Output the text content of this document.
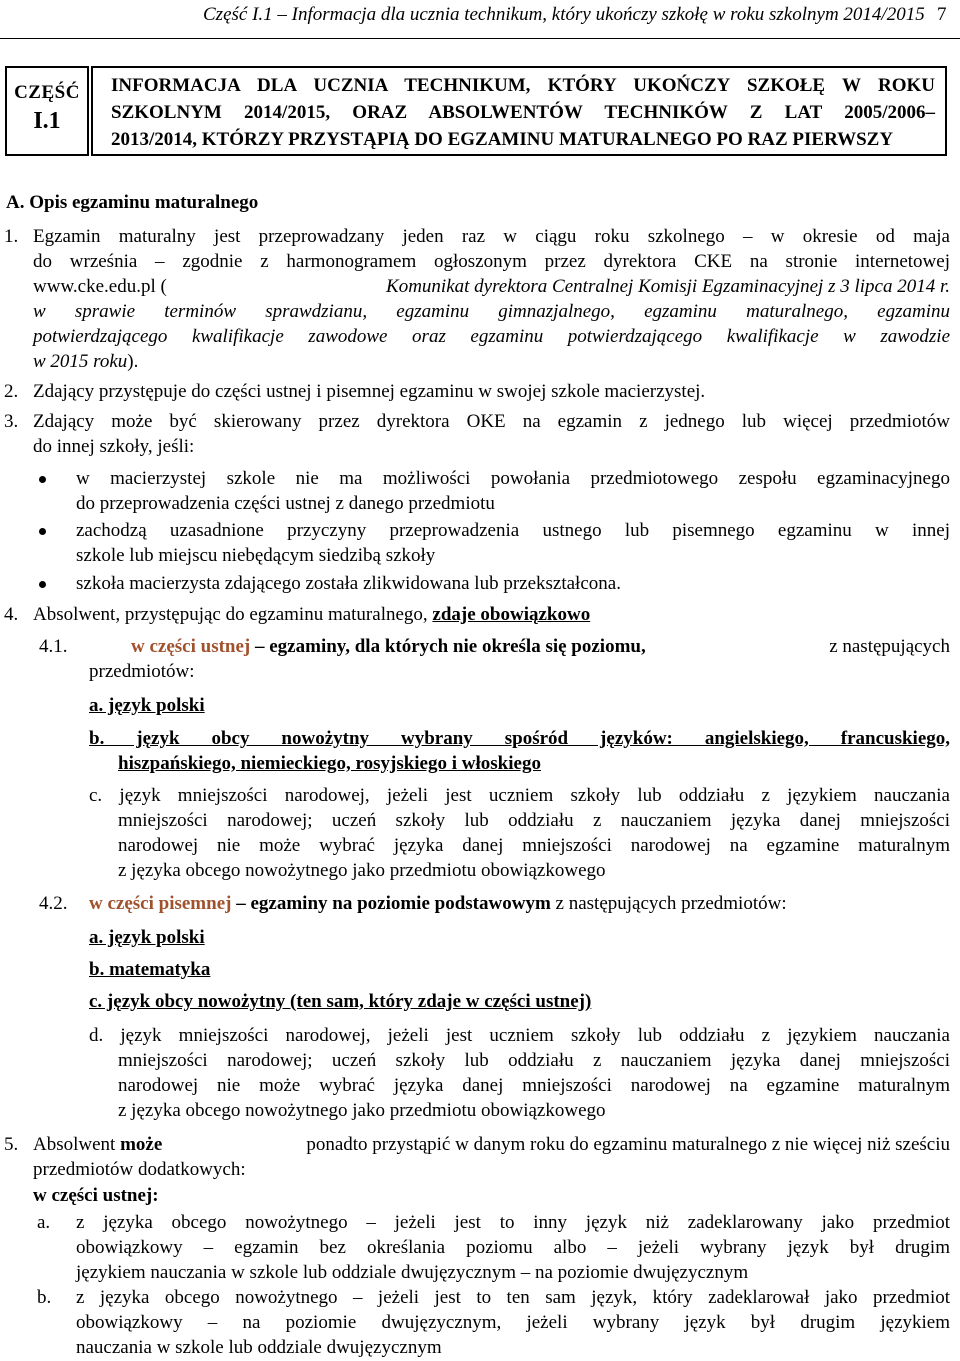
Część I.1 – Informacja dla ucznia technikum, który ukończy szkołę w roku szkolnym 2014/2015 7
CZĘŚĆ
I.1
INFORMACJA DLA UCZNIA TECHNIKUM, KTÓRY UKOŃCZY SZKOŁĘ W ROKU
SZKOLNYM 2014/2015, ORAZ ABSOLWENTÓW TECHNIKÓW Z LAT 2005/2006–
2013/2014, KTÓRZY PRZYSTĄPIĄ DO EGZAMINU MATURALNEGO PO RAZ PIERWSZY
A. Opis egzaminu maturalnego
1. Egzamin maturalny jest przeprowadzany jeden raz w ciągu roku szkolnego – w okresie od maja
do września – zgodnie z harmonogramem ogłoszonym przez dyrektora CKE na stronie internetowej
www.cke.edu.pl (	Komunikat dyrektora Centralnej Komisji Egzaminacyjnej z 3 lipca 2014 r.
w sprawie terminów sprawdzianu, egzaminu gimnazjalnego, egzaminu maturalnego, egzaminu
potwierdzającego kwalifikacje zawodowe oraz egzaminu potwierdzającego kwalifikacje w zawodzie
w 2015 roku).
2. Zdający przystępuje do części ustnej i pisemnej egzaminu w swojej szkole macierzystej.
3. Zdający może być skierowany przez dyrektora OKE na egzamin z jednego lub więcej przedmiotów
do innej szkoły, jeśli:
w macierzystej szkole nie ma możliwości powołania przedmiotowego zespołu egzaminacyjnego
do przeprowadzenia części ustnej z danego przedmiotu
zachodzą uzasadnione przyczyny przeprowadzenia ustnego lub pisemnego egzaminu w innej
szkole lub miejscu niebędącym siedzibą szkoły
szkoła macierzysta zdającego została zlikwidowana lub przekształcona.
4. Absolwent, przystępując do egzaminu maturalnego, zdaje obowiązkowo
4.1.	w części ustnej – egzaminy, dla których nie określa się poziomu,	z następujących
przedmiotów:
a. język polski
b. język obcy nowożytny wybrany spośród języków: angielskiego, francuskiego,
hiszpańskiego, niemieckiego, rosyjskiego i włoskiego
c. język mniejszości narodowej, jeżeli jest uczniem szkoły lub oddziału z językiem nauczania
mniejszości narodowej; uczeń szkoły lub oddziału z nauczaniem języka danej mniejszości
narodowej nie może wybrać języka danej mniejszości narodowej na egzamine maturalnym
z języka obcego nowożytnego jako przedmiotu obowiązkowego
4.2. w części pisemnej – egzaminy na poziomie podstawowym z następujących przedmiotów:
a. język polski
b. matematyka
c. język obcy nowożytny (ten sam, który zdaje w części ustnej)
d. język mniejszości narodowej, jeżeli jest uczniem szkoły lub oddziału z językiem nauczania
mniejszości narodowej; uczeń szkoły lub oddziału z nauczaniem języka danej mniejszości
narodowej nie może wybrać języka danej mniejszości narodowej na egzamine maturalnym
z języka obcego nowożytnego jako przedmiotu obowiązkowego
5. Absolwent może	ponadto przystąpić w danym roku do egzaminu maturalnego z nie więcej niż sześciu
przedmiotów dodatkowych:
w części ustnej:
a. z języka obcego nowożytnego – jeżeli jest to inny język niż zadeklarowany jako przedmiot
obowiązkowy – egzamin bez określania poziomu albo – jeżeli wybrany język był drugim
językiem nauczania w szkole lub oddziale dwujęzycznym – na poziomie dwujęzycznym
b. z języka obcego nowożytnego – jeżeli jest to ten sam język, który zadeklarował jako przedmiot
obowiązkowy – na poziomie dwujęzycznym, jeżeli wybrany język był drugim językiem
nauczania w szkole lub oddziale dwujęzycznym
